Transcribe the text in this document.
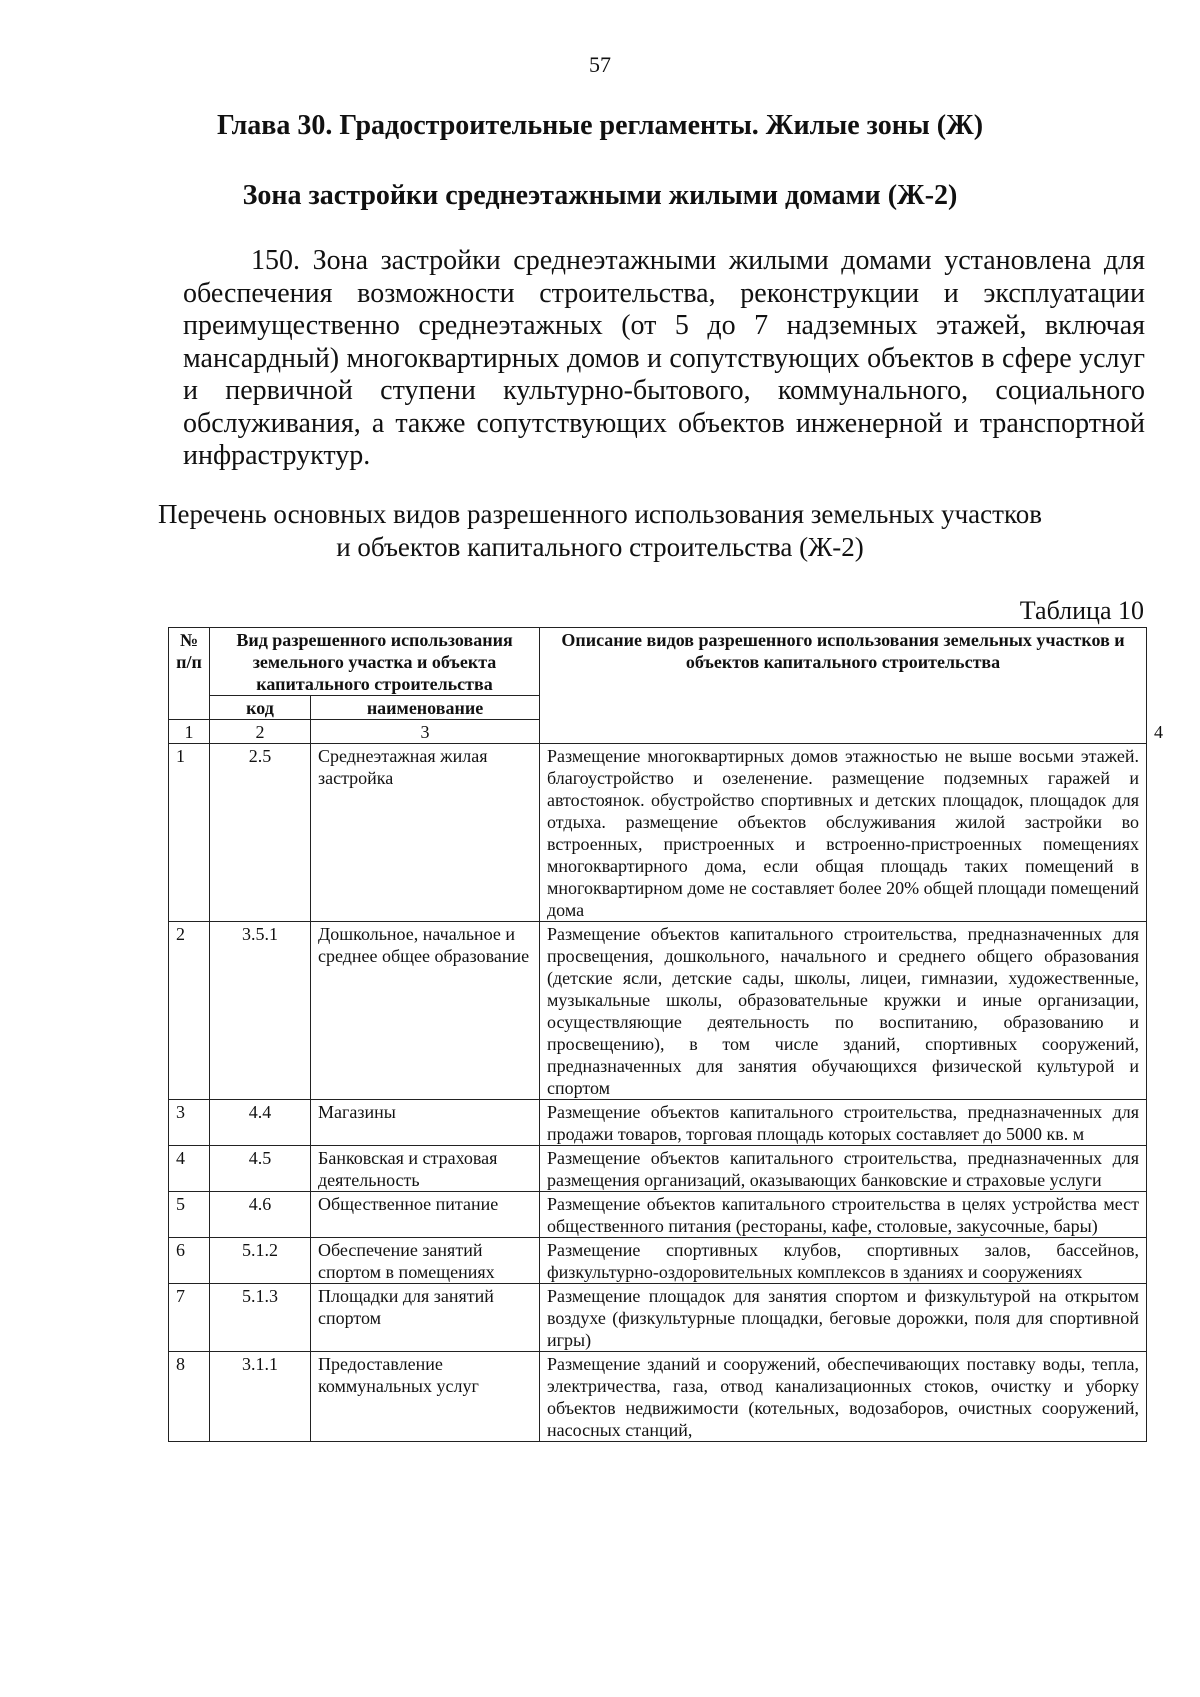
57
Глава 30. Градостроительные регламенты. Жилые зоны (Ж)
Зона застройки среднеэтажными жилыми домами (Ж-2)

150. Зона застройки среднеэтажными жилыми домами установлена для обеспечения возможности строительства, реконструкции и эксплуатации преимущественно среднеэтажных (от 5 до 7 надземных этажей, включая мансардный) многоквартирных домов и сопутствующих объектов в сфере услуг и первичной ступени культурно-бытового, коммунального, социального обслуживания, а также сопутствующих объектов инженерной и транспортной инфраструктур.

Перечень основных видов разрешенного использования земельных участков
и объектов капитального строительства (Ж-2)
Таблица 10
№ п/п	Вид разрешенного использования земельного участка и объекта капитального строительства		Описание видов разрешенного использования земельных участков и объектов капитального строительства	
	код	наименование		
1	2	3		4
1	2.5	Среднеэтажная жилая застройка	Размещение многоквартирных домов этажностью не выше восьми этажей. благоустройство и озеленение. размещение подземных гаражей и автостоянок. обустройство спортивных и детских площадок, площадок для отдыха. размещение объектов обслуживания жилой застройки во встроенных, пристроенных и встроенно-пристроенных помещениях многоквартирного дома, если общая площадь таких помещений в многоквартирном доме не составляет более 20% общей площади помещений дома	
2	3.5.1	Дошкольное, начальное и среднее общее образование	Размещение объектов капитального строительства, предназначенных для просвещения, дошкольного, начального и среднего общего образования (детские ясли, детские сады, школы, лицеи, гимназии, художественные, музыкальные школы, образовательные кружки и иные организации, осуществляющие деятельность по воспитанию, образованию и просвещению), в том числе зданий, спортивных сооружений, предназначенных для занятия обучающихся физической культурой и спортом	
3	4.4	Магазины	Размещение объектов капитального строительства, предназначенных для продажи товаров, торговая площадь которых составляет до 5000 кв. м	
4	4.5	Банковская и страховая деятельность	Размещение объектов капитального строительства, предназначенных для размещения организаций, оказывающих банковские и страховые услуги	
5	4.6	Общественное питание	Размещение объектов капитального строительства в целях устройства мест общественного питания (рестораны, кафе, столовые, закусочные, бары)	
6	5.1.2	Обеспечение занятий спортом в помещениях	Размещение спортивных клубов, спортивных залов, бассейнов, физкультурно-оздоровительных комплексов в зданиях и сооружениях	
7	5.1.3	Площадки для занятий спортом	Размещение площадок для занятия спортом и физкультурой на открытом воздухе (физкультурные площадки, беговые дорожки, поля для спортивной игры)	
8	3.1.1	Предоставление коммунальных услуг	Размещение зданий и сооружений, обеспечивающих поставку воды, тепла, электричества, газа, отвод канализационных стоков, очистку и уборку объектов недвижимости (котельных, водозаборов, очистных сооружений, насосных станций,	
